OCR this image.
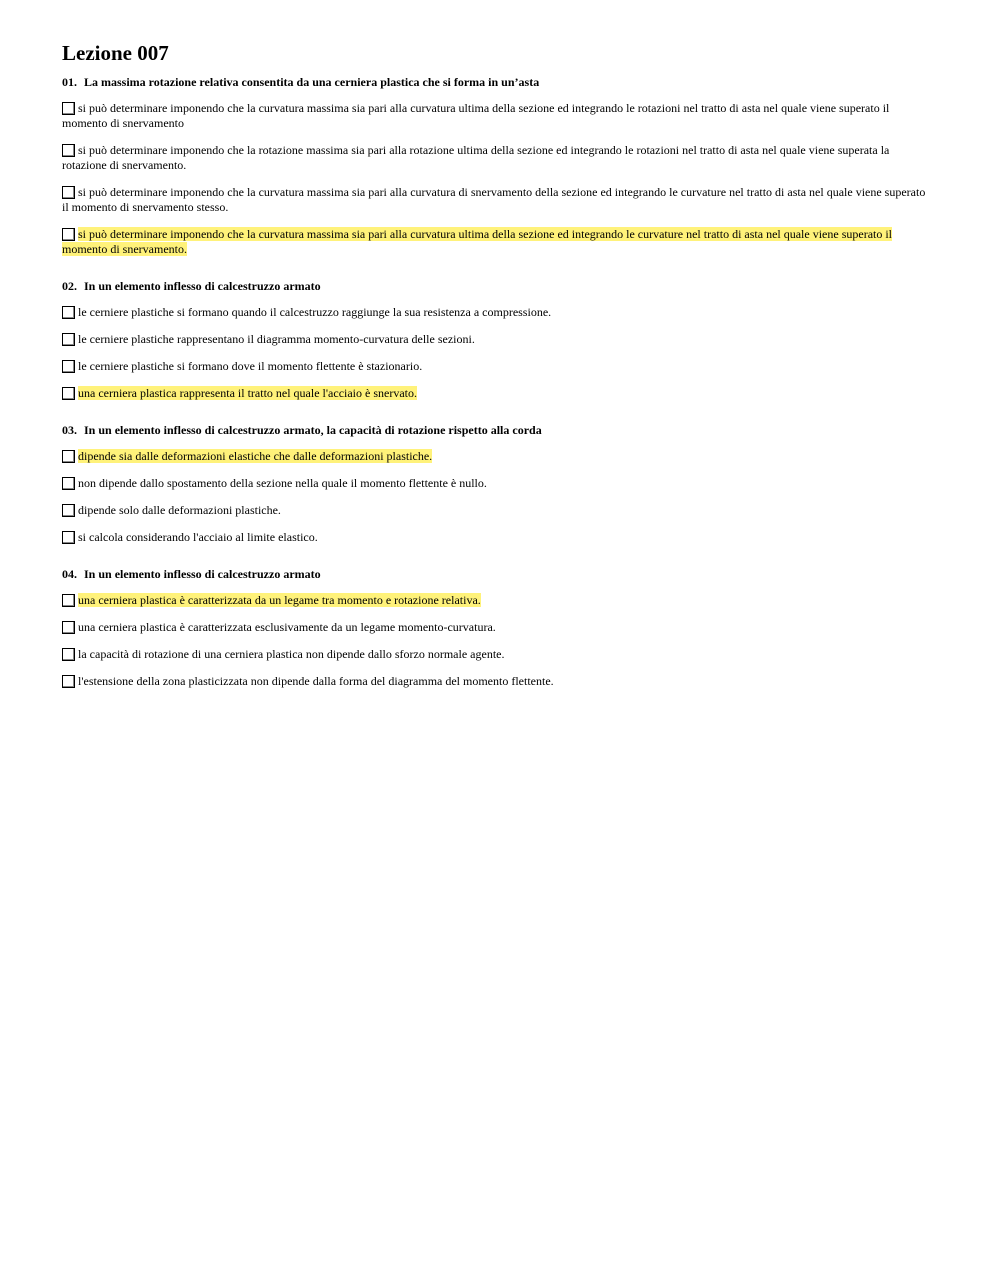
Lezione 007
01. La massima rotazione relativa consentita da una cerniera plastica che si forma in un’asta
si può determinare imponendo che la curvatura massima sia pari alla curvatura ultima della sezione ed integrando le rotazioni nel tratto di asta nel quale viene superato il momento di snervamento
si può determinare imponendo che la rotazione massima sia pari alla rotazione ultima della sezione ed integrando le rotazioni nel tratto di asta nel quale viene superata la rotazione di snervamento.
si può determinare imponendo che la curvatura massima sia pari alla curvatura di snervamento della sezione ed integrando le curvature nel tratto di asta nel quale viene superato il momento di snervamento stesso.
si può determinare imponendo che la curvatura massima sia pari alla curvatura ultima della sezione ed integrando le curvature nel tratto di asta nel quale viene superato il momento di snervamento.
02. In un elemento inflesso di calcestruzzo armato
le cerniere plastiche si formano quando il calcestruzzo raggiunge la sua resistenza a compressione.
le cerniere plastiche rappresentano il diagramma momento-curvatura delle sezioni.
le cerniere plastiche si formano dove il momento flettente è stazionario.
una cerniera plastica rappresenta il tratto nel quale l'acciaio è snervato.
03. In un elemento inflesso di calcestruzzo armato, la capacità di rotazione rispetto alla corda
dipende sia dalle deformazioni elastiche che dalle deformazioni plastiche.
non dipende dallo spostamento della sezione nella quale il momento flettente è nullo.
dipende solo dalle deformazioni plastiche.
si calcola considerando l'acciaio al limite elastico.
04. In un elemento inflesso di calcestruzzo armato
una cerniera plastica è caratterizzata da un legame tra momento e rotazione relativa.
una cerniera plastica è caratterizzata esclusivamente da un legame momento-curvatura.
la capacità di rotazione di una cerniera plastica non dipende dallo sforzo normale agente.
l'estensione della zona plasticizzata non dipende dalla forma del diagramma del momento flettente.
